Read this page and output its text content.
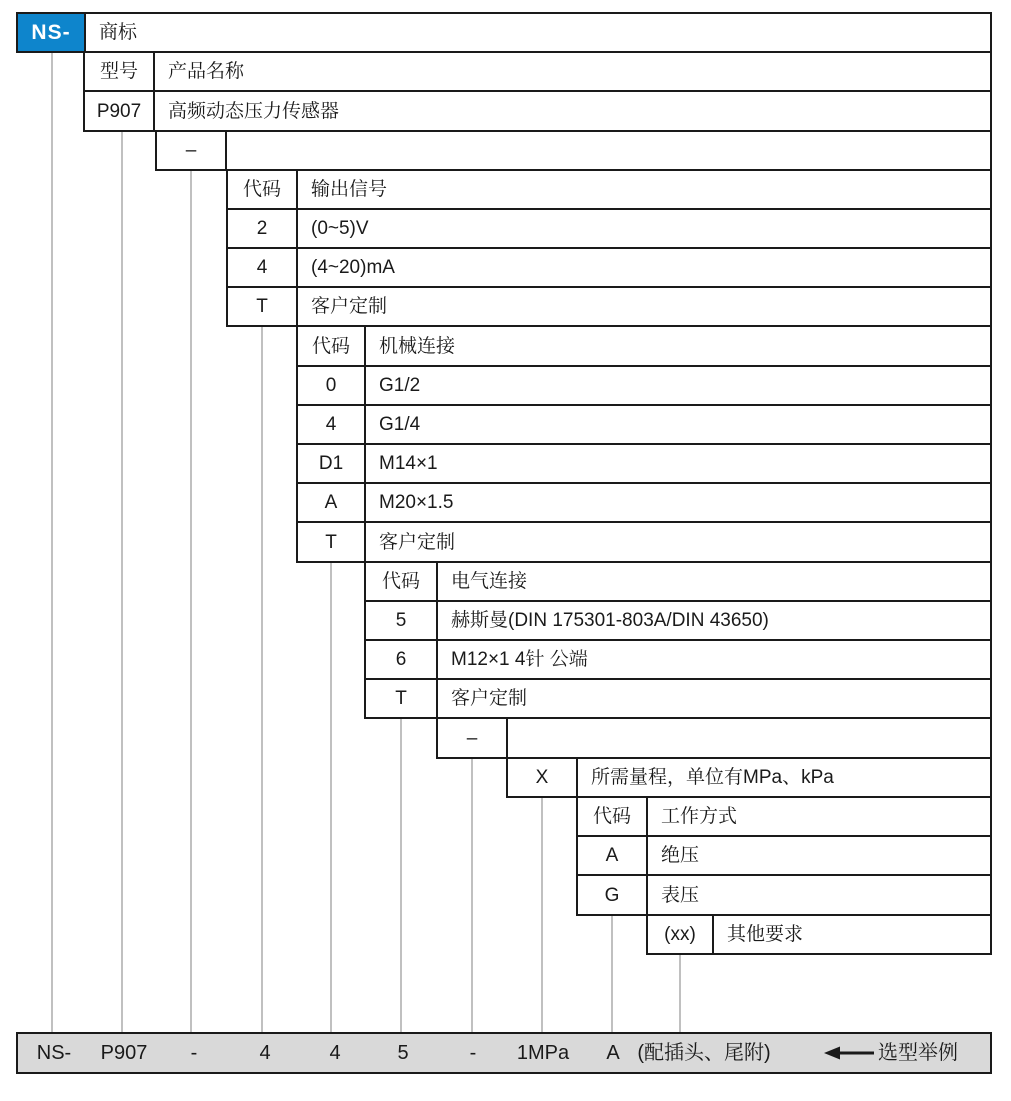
NS-	商标
型号	产品名称
P907	高频动态压力传感器
–
代码	输出信号
2	(0~5)V
4	(4~20)mA
T	客户定制
代码	机械连接
0	G1/2
4	G1/4
D1	M14×1
A	M20×1.5
T	客户定制
代码	电气连接
5	赫斯曼(DIN 175301-803A/DIN 43650)
6	M12×1 4针 公端
T	客户定制
–
X	所需量程，单位有MPa、kPa
代码	工作方式
A	绝压
G	表压
(xx)	其他要求
NS- P907 -	4	4	5	- 1MPa A (配插头、尾附)	选型举例
